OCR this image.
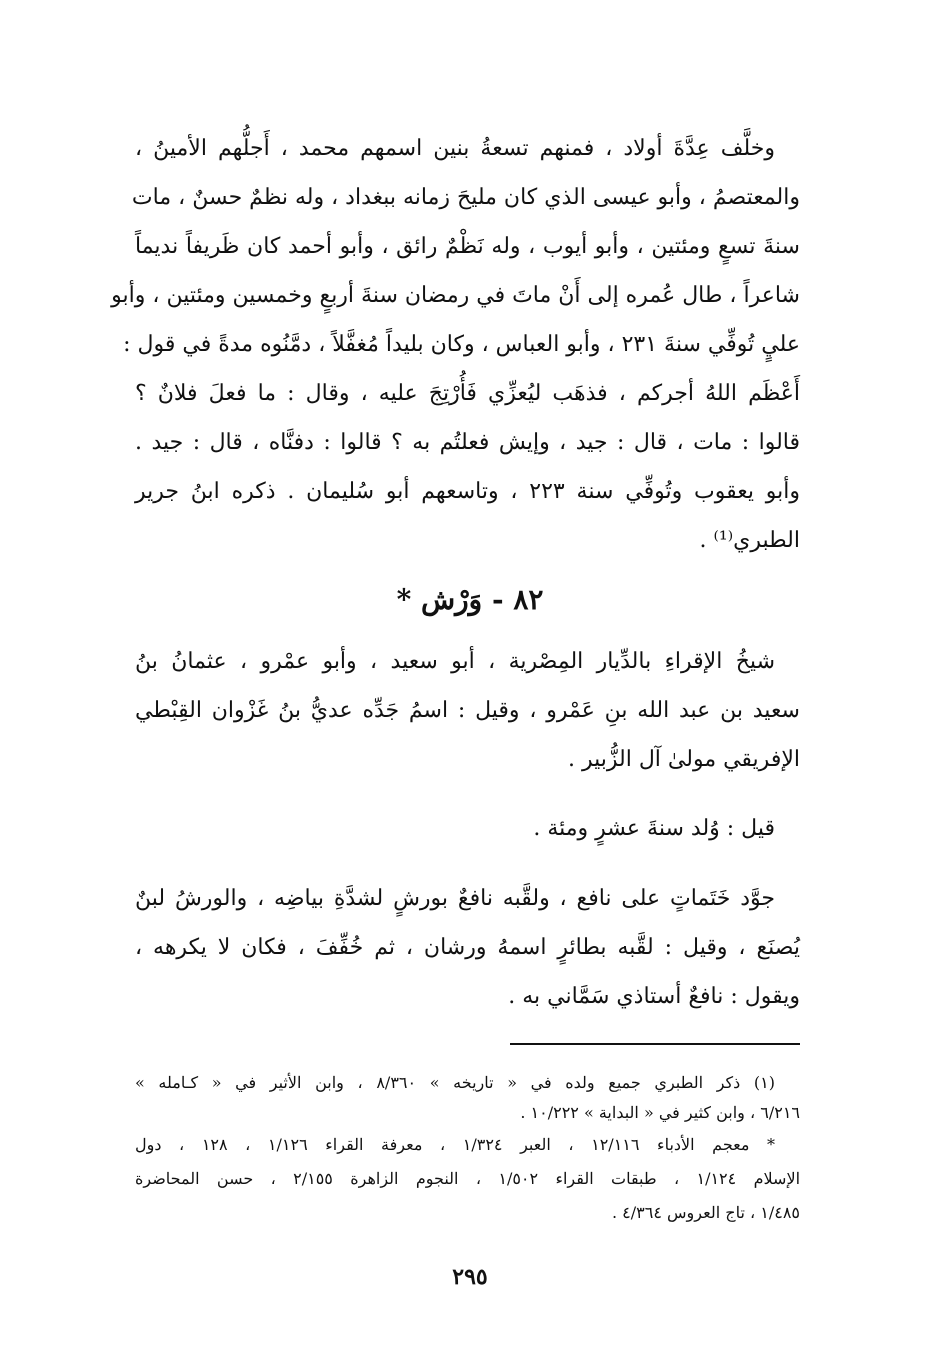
وخلَّف عِدَّةَ أولاد ، فمنهم تسعةُ بنين اسمهم محمد ، أَجلُّهم الأمينُ ،
والمعتصمُ ، وأبو عيسى الذي كان مليحَ زمانه ببغداد ، وله نظمٌ حسنٌ ، مات
سنةَ تسعٍ ومئتين ، وأبو أيوب ، وله نَظْمٌ رائق ، وأبو أحمد كان ظَريفاً نديماً
شاعراً ، طال عُمره إلى أَنْ ماتَ في رمضان سنةَ أربعٍ وخمسين ومئتين ، وأبو
عليٍ تُوفِّي سنةَ ٢٣١ ، وأبو العباس ، وكان بليداً مُغفَّلاً ، دمَّنُوه مدةً في قول :
أَعْظَم اللهُ أجركم ، فذهَب ليُعزِّي فَأُرْتِجَ عليه ، وقال : ما فعلَ فلانٌ ؟
قالوا : مات ، قال : جيد ، وإيش فعلتُم به ؟ قالوا : دفنَّاه ، قال : جيد .
وأبو يعقوب وتُوفِّي سنة ٢٢٣ ، وتاسعهم أبو سُليمان . ذكره ابنُ جرير
الطبري⁽¹⁾ .
٨٢ - وَرْش *
شيخُ الإقراءِ بالدِّيار المِصْرية ، أبو سعيد ، وأبو عمْرو ، عثمانُ بنُ
سعيد بن عبد الله بنِ عَمْرو ، وقيل : اسمُ جَدِّه عديُّ بنُ غَزْوان القِبْطي
الإفريقي مولىٰ آل الزُّبير .
قيل : وُلد سنةَ عشرٍ ومئة .
جوَّد خَتَماتٍ على نافع ، ولقَّبه نافعٌ بورشٍ لشدَّةِ بياضِه ، والورشُ لبنٌ
يُصنَع ، وقيل : لقَّبه بطائرٍ اسمهُ ورشان ، ثم خُفِّفَ ، فكان لا يكرهه ،
ويقول : نافعٌ أستاذي سَمَّاني به .
(١) ذكر الطبري جميع ولده في « تاريخه » ٨/٣٦٠ ، وابن الأثير في « كـامله »
٦/٢١٦ ، وابن كثير في « البداية » ١٠/٢٢٢ .
* معجم الأدباء ١٢/١١٦ ، العبر ١/٣٢٤ ، معرفة القراء ١/١٢٦ ، ١٢٨ ، دول
الإسلام ١/١٢٤ ، طبقات القراء ١/٥٠٢ ، النجوم الزاهرة ٢/١٥٥ ، حسن المحاضرة
١/٤٨٥ ، تاج العروس ٤/٣٦٤ .
٢٩٥
